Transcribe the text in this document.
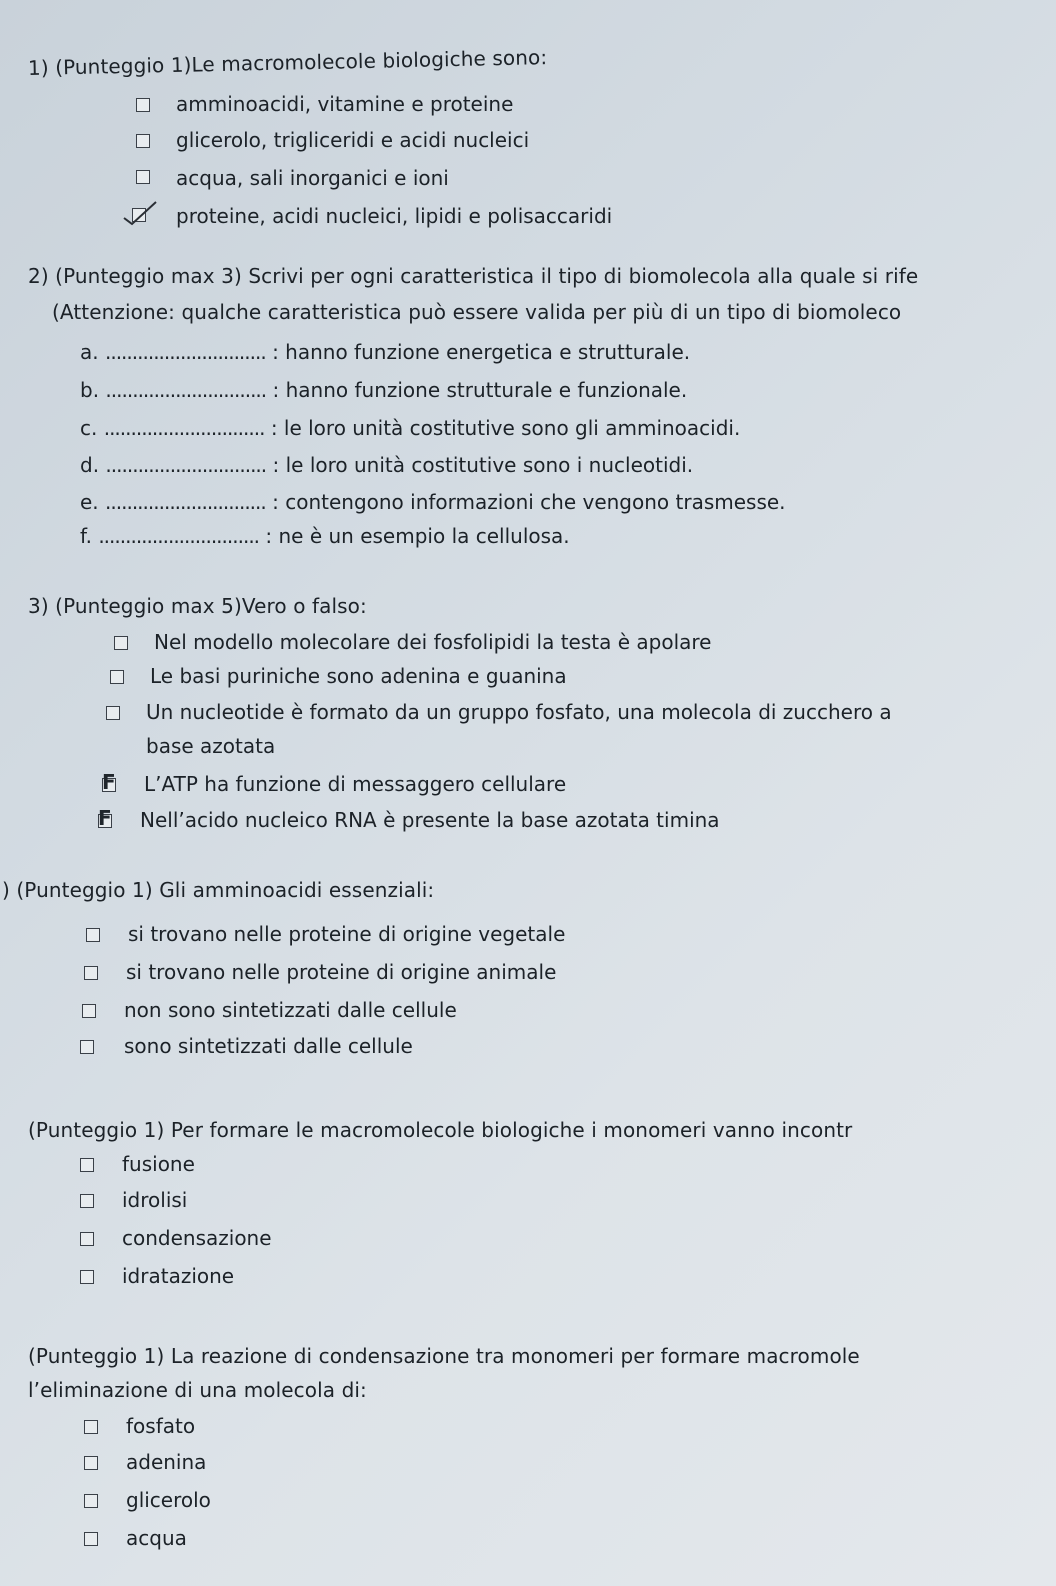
1) (Punteggio 1)Le macromolecole biologiche sono:
amminoacidi, vitamine e proteine
glicerolo, trigliceridi e acidi nucleici
acqua, sali inorganici e ioni
proteine, acidi nucleici, lipidi e polisaccaridi
2) (Punteggio max 3) Scrivi per ogni caratteristica il tipo di biomolecola alla quale si rife
(Attenzione: qualche caratteristica può essere valida per più di un tipo di biomoleco
a. .............................. : hanno funzione energetica e strutturale.
b. .............................. : hanno funzione strutturale e funzionale.
c. .............................. : le loro unità costitutive sono gli amminoacidi.
d. .............................. : le loro unità costitutive sono i nucleotidi.
e. .............................. : contengono informazioni che vengono trasmesse.
f. .............................. : ne è un esempio la cellulosa.
3) (Punteggio max 5)Vero o falso:
Nel modello molecolare dei fosfolipidi la testa è apolare
Le basi puriniche sono adenina e guanina
Un nucleotide è formato da un gruppo fosfato, una molecola di zucchero a
base azotata
F L’ATP ha funzione di messaggero cellulare
F Nell’acido nucleico RNA è presente la base azotata timina
) (Punteggio 1) Gli amminoacidi essenziali:
si trovano nelle proteine di origine vegetale
si trovano nelle proteine di origine animale
non sono sintetizzati dalle cellule
sono sintetizzati dalle cellule
(Punteggio 1) Per formare le macromolecole biologiche i monomeri vanno incontr
fusione
idrolisi
condensazione
idratazione
(Punteggio 1) La reazione di condensazione tra monomeri per formare macromole
l’eliminazione di una molecola di:
fosfato
adenina
glicerolo
acqua
